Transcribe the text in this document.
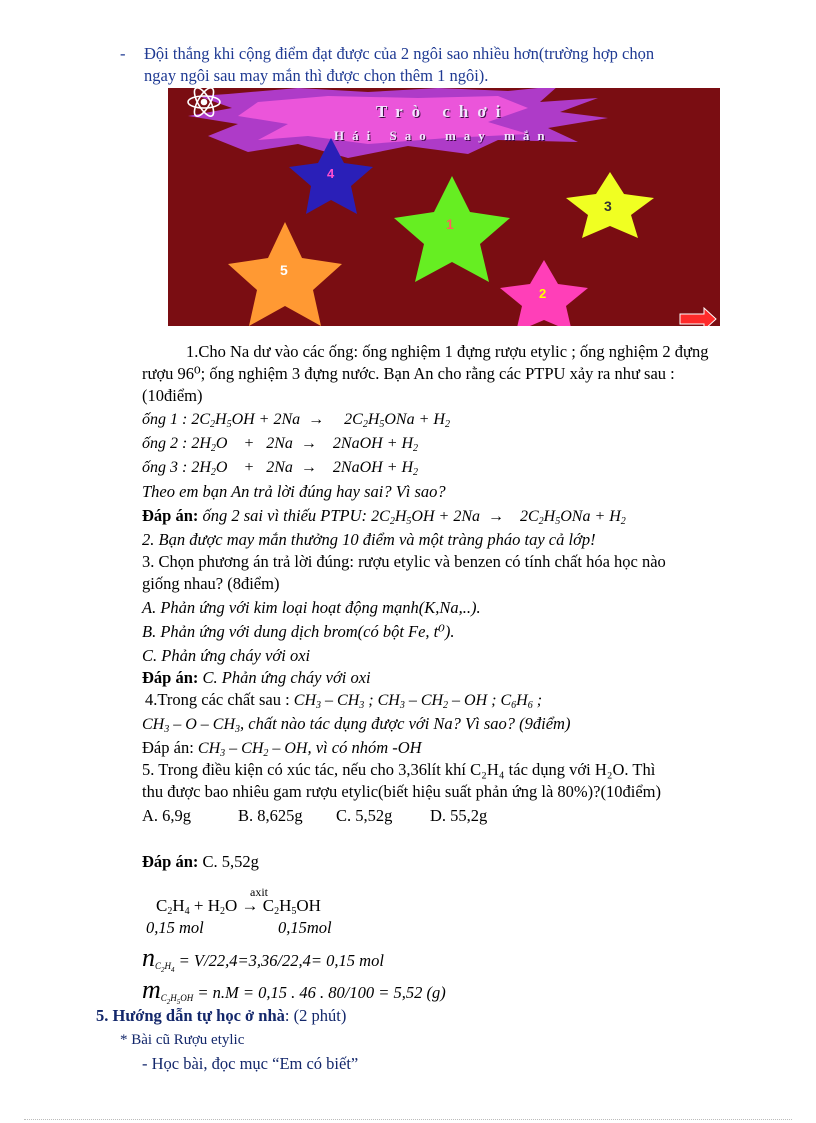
- Đội thắng khi cộng điểm đạt được của 2 ngôi sao nhiều hơn(trường hợp chọn
ngay ngôi sau may mắn thì được chọn thêm 1 ngôi).
Trò chơi
Hái Sao may mắn
4
1
3
5
2
1.Cho Na dư vào các ống: ống nghiệm 1 đựng rượu etylic ; ống nghiệm 2 đựng
rượu 96⁰; ống nghiệm 3 đựng nước. Bạn An cho rằng các PTPU xảy ra như sau :
(10điểm)
ống 1 : $2C_2H_5OH + 2Na$  →     $2C_2H_5ONa + H_2$
ống 2 : $2H_2O$    +   2Na  →    2NaOH + $H_2$
ống 3 : $2H_2O$    +   2Na  →    2NaOH + $H_2$
Theo em bạn An trả lời đúng hay sai? Vì sao?
Đáp án: ống 2 sai vì thiếu PTPU: $2C_2H_5OH + 2Na$  →    $2C_2H_5ONa + H_2$
2. Bạn được may mắn thưởng 10 điểm và một tràng pháo tay cả lớp!
3. Chọn phương án trả lời đúng: rượu etylic và benzen có tính chất hóa học nào
giống nhau? (8điểm)
A. Phản ứng với kim loại hoạt động mạnh(K,Na,..).
B. Phản ứng với dung dịch brom(có bột Fe, t⁰).
C. Phản ứng cháy với oxi
Đáp án: C. Phản ứng cháy với oxi
4.Trong các chất sau : $CH_3 - CH_3$ ; $CH_3 - CH_2$ – OH ; $C_6H_6$ ;
$CH_3$ – O – $CH_3$, chất nào tác dụng được với Na? Vì sao? (9điểm)
Đáp án: $CH_3 - CH_2$ – OH, vì có nhóm -OH
5. Trong điều kiện có xúc tác, nếu cho 3,36lít khí C₂H₄ tác dụng với H₂O. Thì
thu được bao nhiêu gam rượu etylic(biết hiệu suất phản ứng là 80%)?(10điểm)
A. 6,9g	B. 8,625g C. 5,52g D. 55,2g
Đáp án: C. 5,52g
axit
$C_2H_4 + H_2O \to C_2H_5OH$
0,15 mol	0,15mol
$n_{C_2H_4} = V/22,4=3,36/22,4= 0,15$ mol
$m_{C_2H_5OH} = n.M = 0,15$ . 46 . 80/100 = 5,52 (g)
5. Hướng dẫn tự học ở nhà: (2 phút)
* Bài cũ Rượu etylic
- Học bài, đọc mục “Em có biết”
